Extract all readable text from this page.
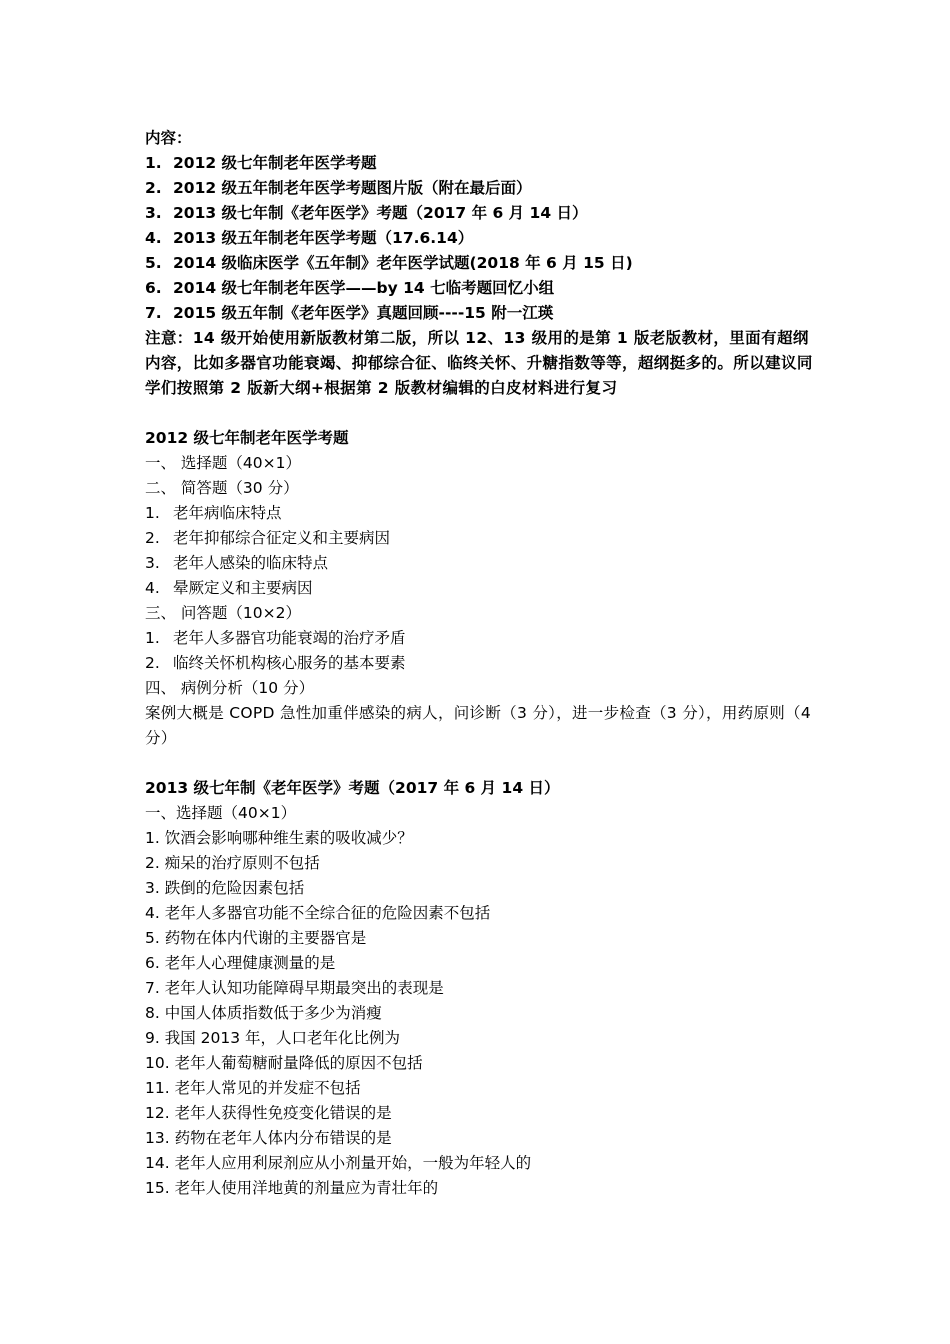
内容：
1. 2012 级七年制老年医学考题
2. 2012 级五年制老年医学考题图片版（附在最后面）
3. 2013 级七年制《老年医学》考题（2017 年 6 月 14 日）
4. 2013 级五年制老年医学考题（17.6.14）
5. 2014 级临床医学《五年制》老年医学试题(2018 年 6 月 15 日)
6. 2014 级七年制老年医学——by 14 七临考题回忆小组
7. 2015 级五年制《老年医学》真题回顾----15 附一江瑛
注意：14 级开始使用新版教材第二版，所以 12、13 级用的是第 1 版老版教材，里面有超纲内容，比如多器官功能衰竭、抑郁综合征、临终关怀、升糖指数等等，超纲挺多的。所以建议同学们按照第 2 版新大纲+根据第 2 版教材编辑的白皮材料进行复习
2012 级七年制老年医学考题
一、 选择题（40×1）
二、 简答题（30 分）
1. 老年病临床特点
2. 老年抑郁综合征定义和主要病因
3. 老年人感染的临床特点
4. 晕厥定义和主要病因
三、 问答题（10×2）
1. 老年人多器官功能衰竭的治疗矛盾
2. 临终关怀机构核心服务的基本要素
四、 病例分析（10 分）
案例大概是 COPD 急性加重伴感染的病人，问诊断（3 分），进一步检查（3 分），用药原则（4 分）
2013 级七年制《老年医学》考题（2017 年 6 月 14 日）
一、选择题（40×1）
1. 饮酒会影响哪种维生素的吸收减少？
2. 痴呆的治疗原则不包括
3. 跌倒的危险因素包括
4. 老年人多器官功能不全综合征的危险因素不包括
5. 药物在体内代谢的主要器官是
6. 老年人心理健康测量的是
7. 老年人认知功能障碍早期最突出的表现是
8. 中国人体质指数低于多少为消瘦
9. 我国 2013 年，人口老年化比例为
10. 老年人葡萄糖耐量降低的原因不包括
11. 老年人常见的并发症不包括
12. 老年人获得性免疫变化错误的是
13. 药物在老年人体内分布错误的是
14. 老年人应用利尿剂应从小剂量开始，一般为年轻人的
15. 老年人使用洋地黄的剂量应为青壮年的
